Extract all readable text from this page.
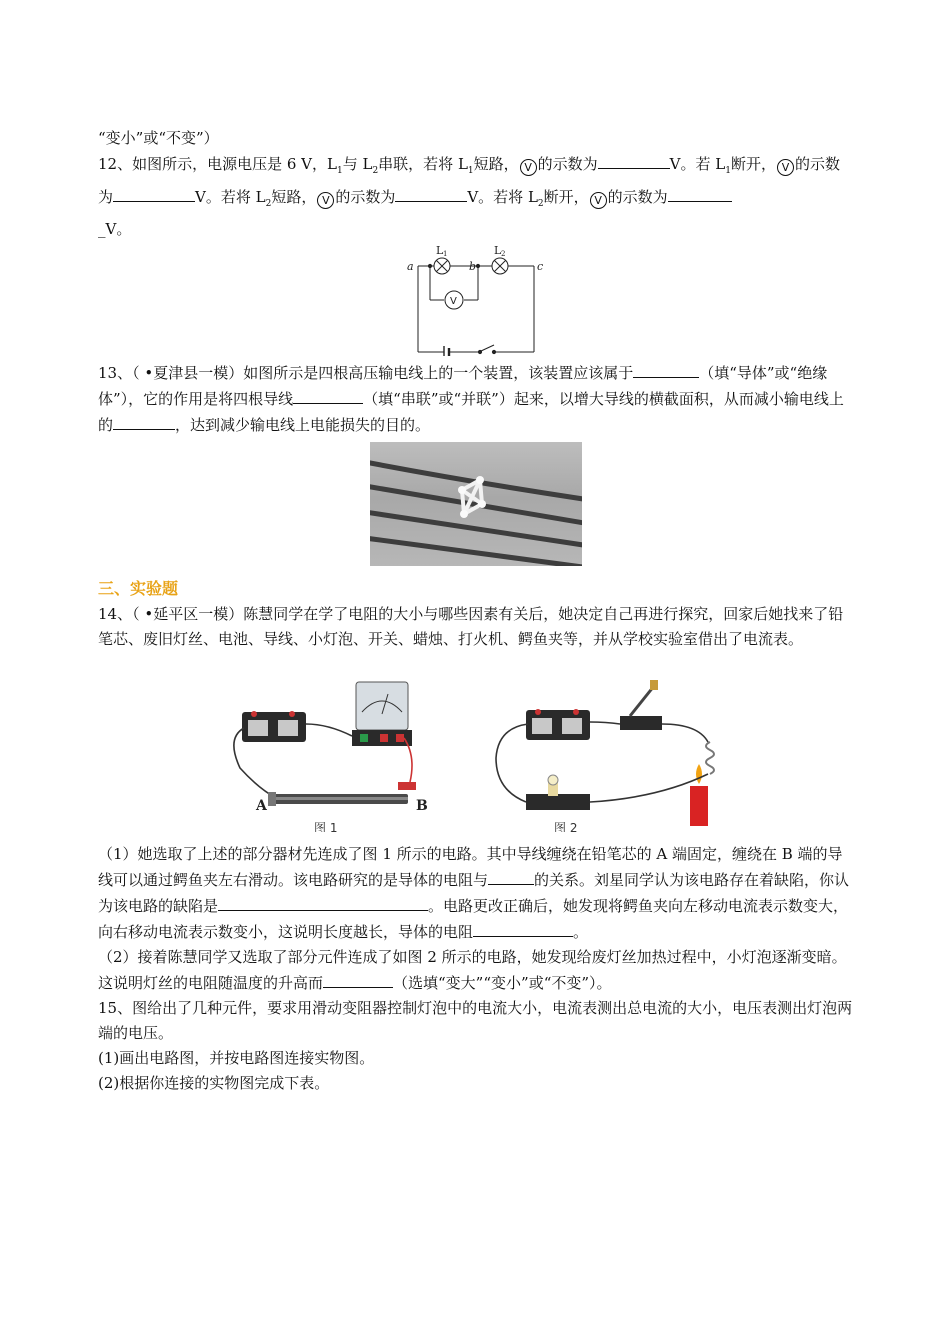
“变小”或“不变”）

12、如图所示，电源电压是 6 V，$L_1$与 $L_2$串联，若将 $L_1$短路， V 的示数为	V。若 $L_1$断开， V 的示数为	V。若将 $L_2$短路， V 的示数为	V。若将 $L_2$断开， V 的示数为
_V。

a	b	c
L 1	L 2
V

13、（ •夏津县一模）如图所示是四根高压输电线上的一个装置，该装置应该属于	（填“导体”或“绝缘体”），它的作用是将四根导线	（填“串联”或“并联”）起来，以增大导线的横截面积，从而减小输电线上的	，达到减少输电线上电能损失的目的。

三、实验题

14、（ •延平区一模）陈慧同学在学了电阻的大小与哪些因素有关后，她决定自己再进行探究，回家后她找来了铅笔芯、废旧灯丝、电池、导线、小灯泡、开关、蜡烛、打火机、鳄鱼夹等，并从学校实验室借出了电流表。

A	B
图 1	图 2

（1）她选取了上述的部分器材先连成了图 1 所示的电路。其中导线缠绕在铅笔芯的 A 端固定，缠绕在 B 端的导线可以通过鳄鱼夹左右滑动。该电路研究的是导体的电阻与	的关系。刘星同学认为该电路存在着缺陷，你认为该电路的缺陷是	。电路更改正确后，她发现将鳄鱼夹向左移动电流表示数变大，向右移动电流表示数变小，这说明长度越长，导体的电阻	。

（2）接着陈慧同学又选取了部分元件连成了如图 2 所示的电路，她发现给废灯丝加热过程中，小灯泡逐渐变暗。这说明灯丝的电阻随温度的升高而	（选填“变大”“变小”或“不变”）。

15、图给出了几种元件，要求用滑动变阻器控制灯泡中的电流大小，电流表测出总电流的大小，电压表测出灯泡两端的电压。

(1)画出电路图，并按电路图连接实物图。

(2)根据你连接的实物图完成下表。
